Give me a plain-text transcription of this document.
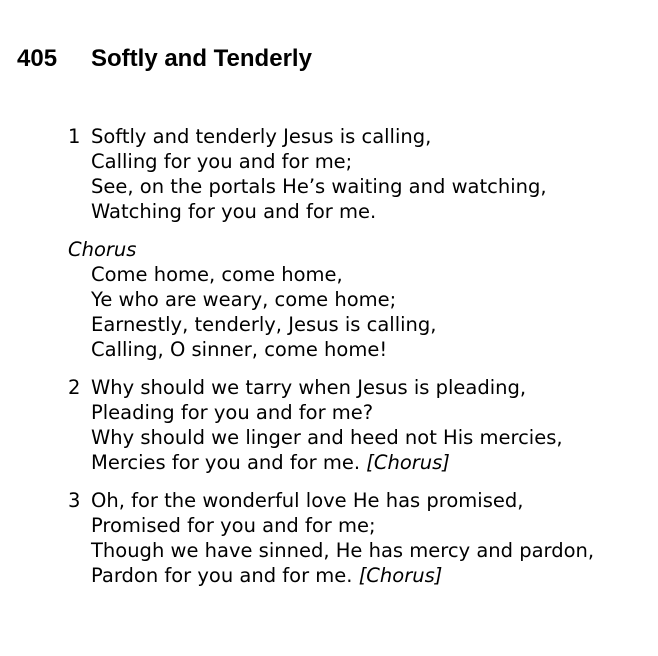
405 Softly and Tenderly
1 Softly and tenderly Jesus is calling,
Calling for you and for me;
See, on the portals He’s waiting and watching,
Watching for you and for me.
Chorus
Come home, come home,
Ye who are weary, come home;
Earnestly, tenderly, Jesus is calling,
Calling, O sinner, come home!
2 Why should we tarry when Jesus is pleading,
Pleading for you and for me?
Why should we linger and heed not His mercies,
Mercies for you and for me. [Chorus]
3 Oh, for the wonderful love He has promised,
Promised for you and for me;
Though we have sinned, He has mercy and pardon,
Pardon for you and for me. [Chorus]
